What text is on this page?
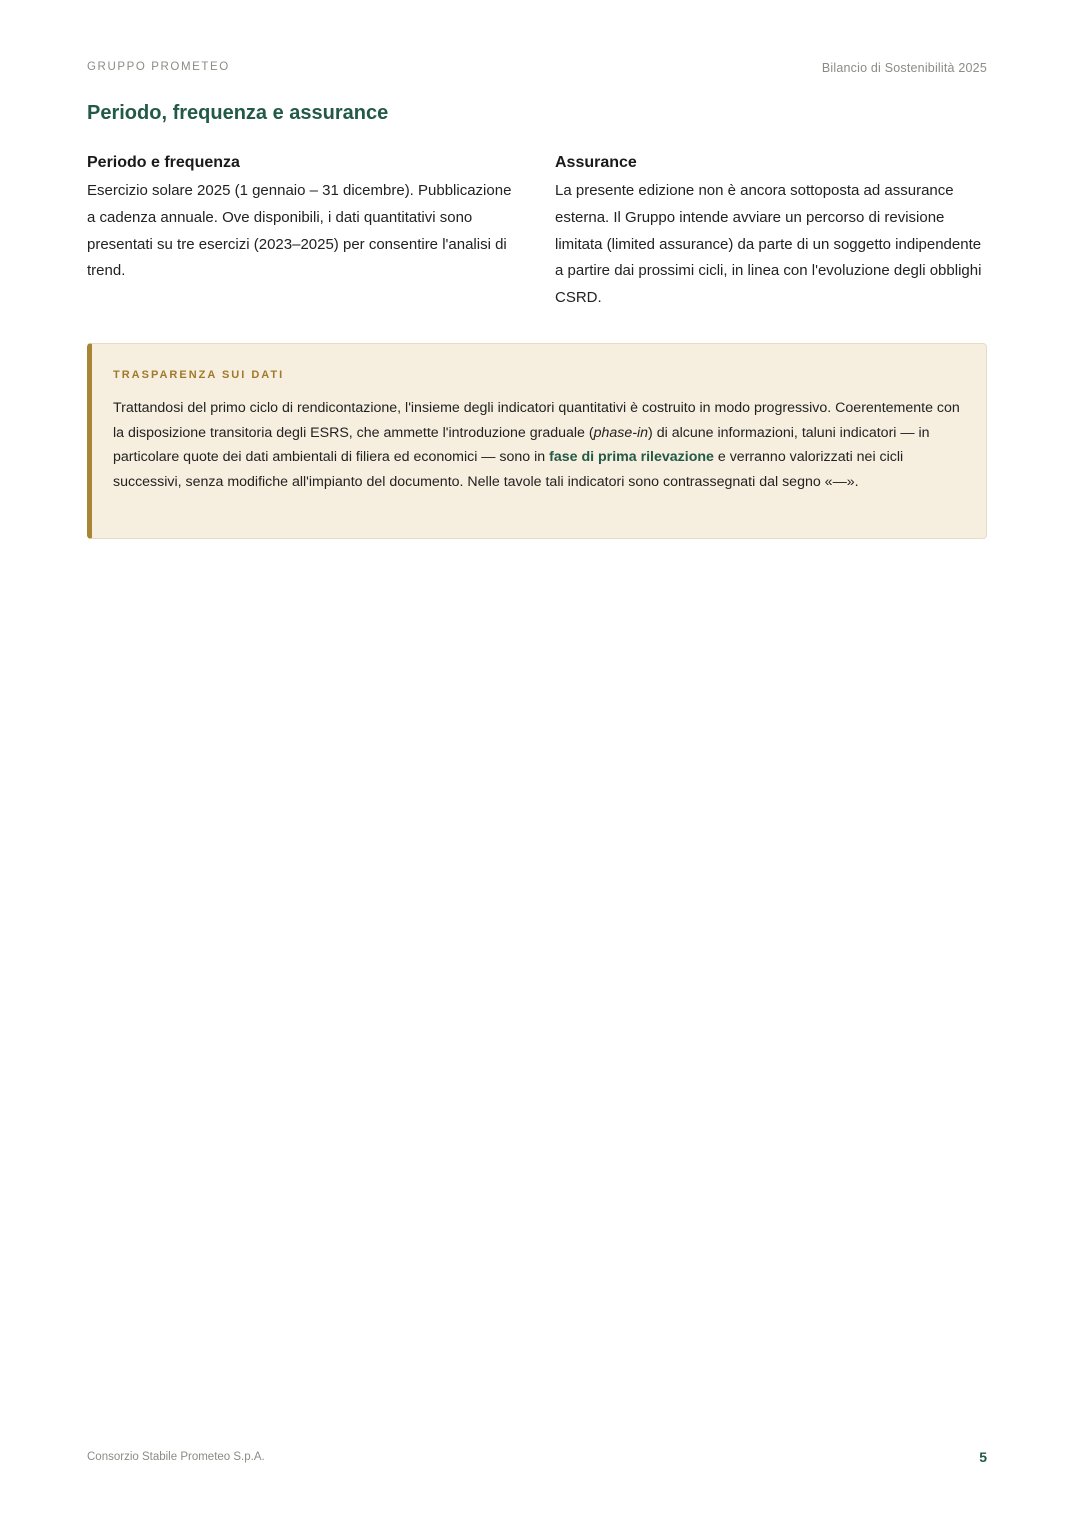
GRUPPO PROMETEO	Bilancio di Sostenibilità 2025
Periodo, frequenza e assurance
Periodo e frequenza

Esercizio solare 2025 (1 gennaio – 31 dicembre). Pubblicazione a cadenza annuale. Ove disponibili, i dati quantitativi sono presentati su tre esercizi (2023–2025) per consentire l'analisi di trend.

Assurance

La presente edizione non è ancora sottoposta ad assurance esterna. Il Gruppo intende avviare un percorso di revisione limitata (limited assurance) da parte di un soggetto indipendente a partire dai prossimi cicli, in linea con l'evoluzione degli obblighi CSRD.

TRASPARENZA SUI DATI

Trattandosi del primo ciclo di rendicontazione, l'insieme degli indicatori quantitativi è costruito in modo progressivo. Coerentemente con la disposizione transitoria degli ESRS, che ammette l'introduzione graduale (phase-in) di alcune informazioni, taluni indicatori — in particolare quote dei dati ambientali di filiera ed economici — sono in fase di prima rilevazione e verranno valorizzati nei cicli successivi, senza modifiche all'impianto del documento. Nelle tavole tali indicatori sono contrassegnati dal segno «—».

Consorzio Stabile Prometeo S.p.A.	5
